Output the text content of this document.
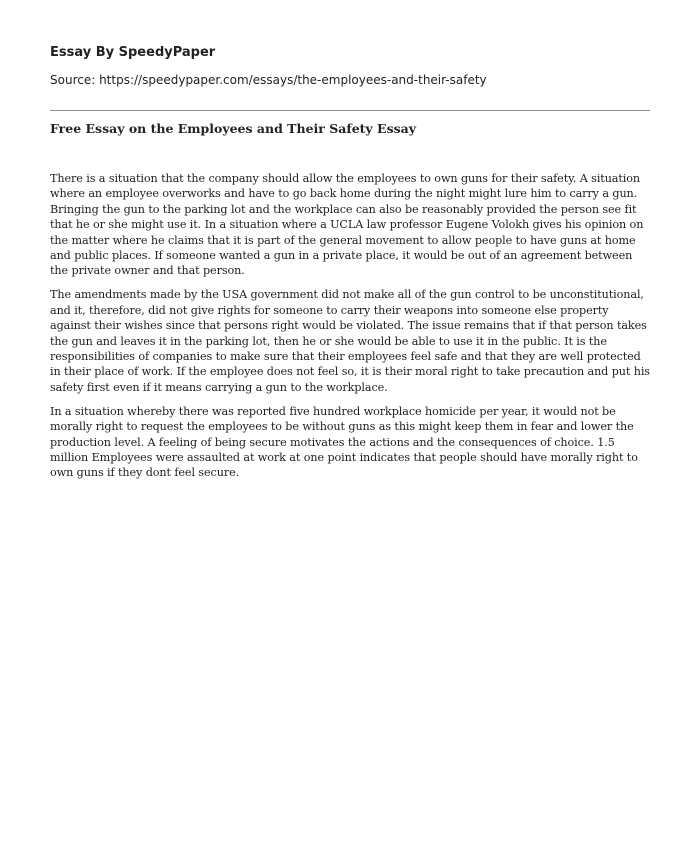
Essay By SpeedyPaper
Source: https://speedypaper.com/essays/the-employees-and-their-safety
Free Essay on the Employees and Their Safety Essay

There is a situation that the company should allow the employees to own guns for their safety. A situation where an employee overworks and have to go back home during the night might lure him to carry a gun. Bringing the gun to the parking lot and the workplace can also be reasonably provided the person see fit that he or she might use it. In a situation where a UCLA law professor Eugene Volokh gives his opinion on the matter where he claims that it is part of the general movement to allow people to have guns at home and public places. If someone wanted a gun in a private place, it would be out of an agreement between the private owner and that person.

The amendments made by the USA government did not make all of the gun control to be unconstitutional, and it, therefore, did not give rights for someone to carry their weapons into someone else property against their wishes since that persons right would be violated. The issue remains that if that person takes the gun and leaves it in the parking lot, then he or she would be able to use it in the public. It is the responsibilities of companies to make sure that their employees feel safe and that they are well protected in their place of work. If the employee does not feel so, it is their moral right to take precaution and put his safety first even if it means carrying a gun to the workplace.

In a situation whereby there was reported five hundred workplace homicide per year, it would not be morally right to request the employees to be without guns as this might keep them in fear and lower the production level. A feeling of being secure motivates the actions and the consequences of choice. 1.5 million Employees were assaulted at work at one point indicates that people should have morally right to own guns if they dont feel secure.
